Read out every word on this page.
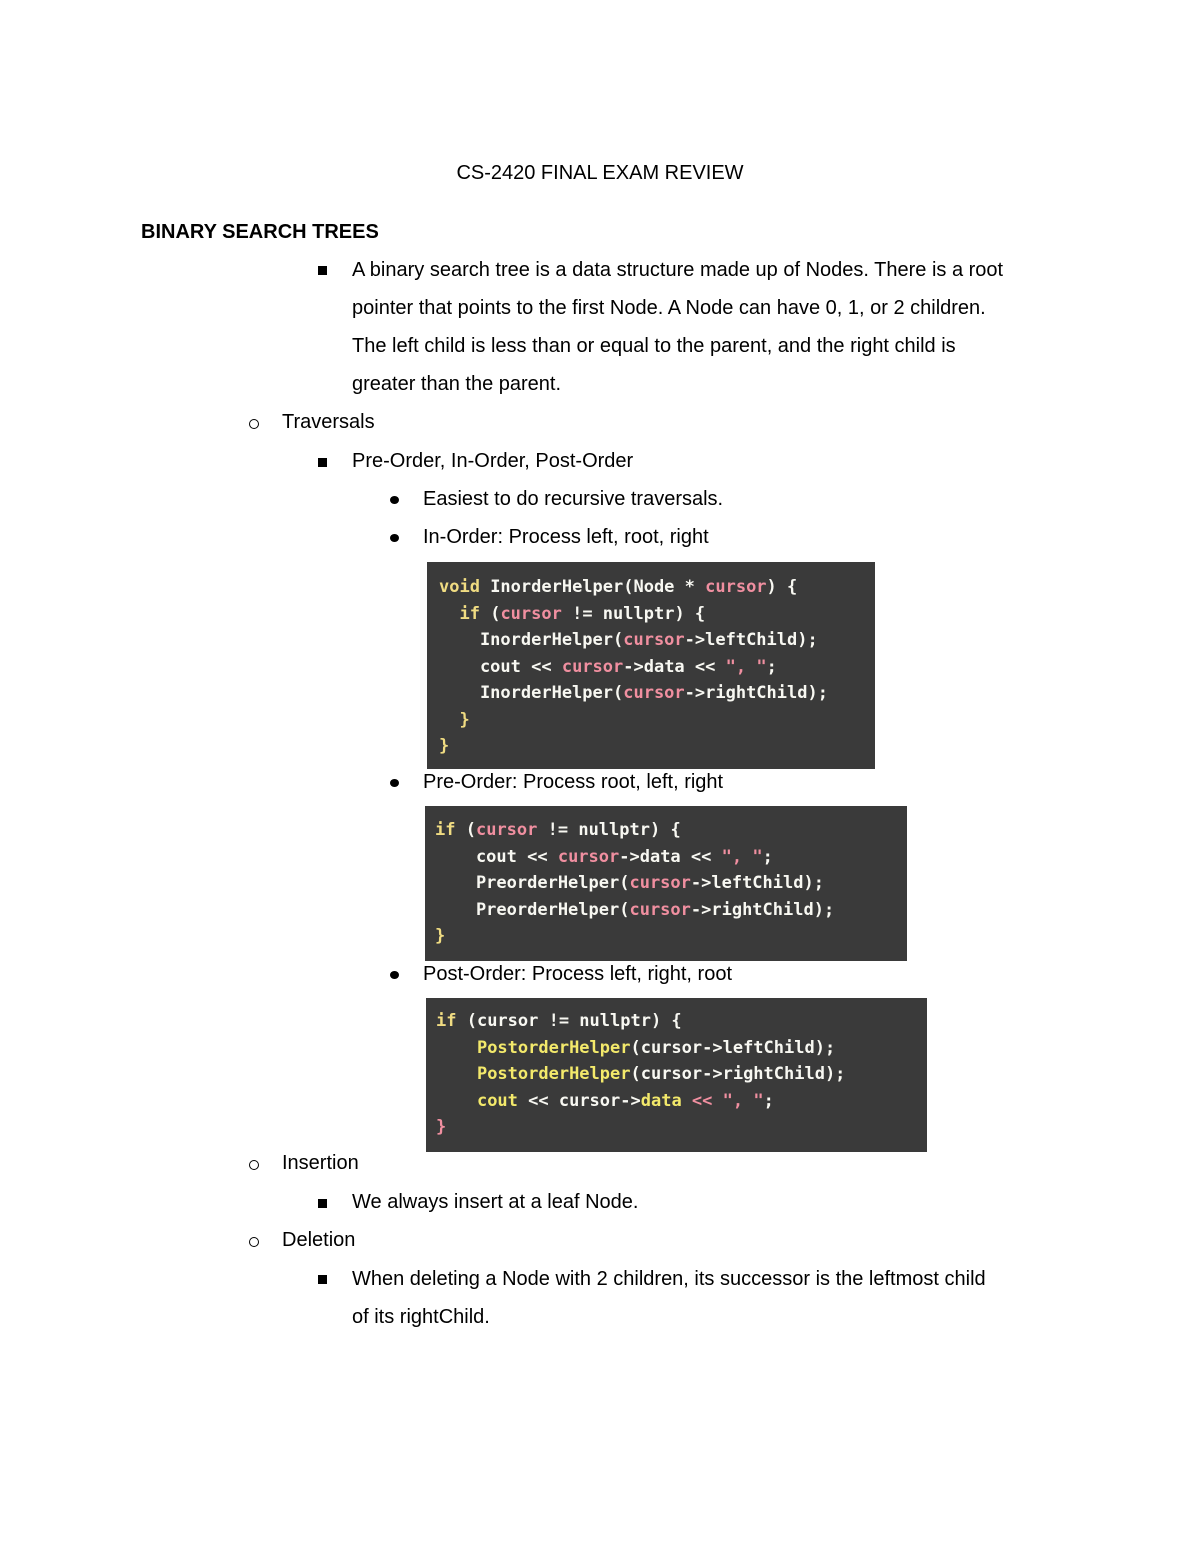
CS-2420 FINAL EXAM REVIEW
BINARY SEARCH TREES
A binary search tree is a data structure made up of Nodes. There is a root
pointer that points to the first Node. A Node can have 0, 1, or 2 children.
The left child is less than or equal to the parent, and the right child is
greater than the parent.
Traversals
Pre-Order, In-Order, Post-Order
Easiest to do recursive traversals.
In-Order: Process left, root, right
void InorderHelper(Node * cursor) {
if (cursor != nullptr) {
InorderHelper(cursor->leftChild);
cout << cursor->data << ", ";
InorderHelper(cursor->rightChild);
}
}
Pre-Order: Process root, left, right
if (cursor != nullptr) {
cout << cursor->data << ", ";
PreorderHelper(cursor->leftChild);
PreorderHelper(cursor->rightChild);
}
Post-Order: Process left, right, root
if (cursor != nullptr) {
PostorderHelper(cursor->leftChild);
PostorderHelper(cursor->rightChild);
cout << cursor->data << ", ";
}
Insertion
We always insert at a leaf Node.
Deletion
When deleting a Node with 2 children, its successor is the leftmost child
of its rightChild.
